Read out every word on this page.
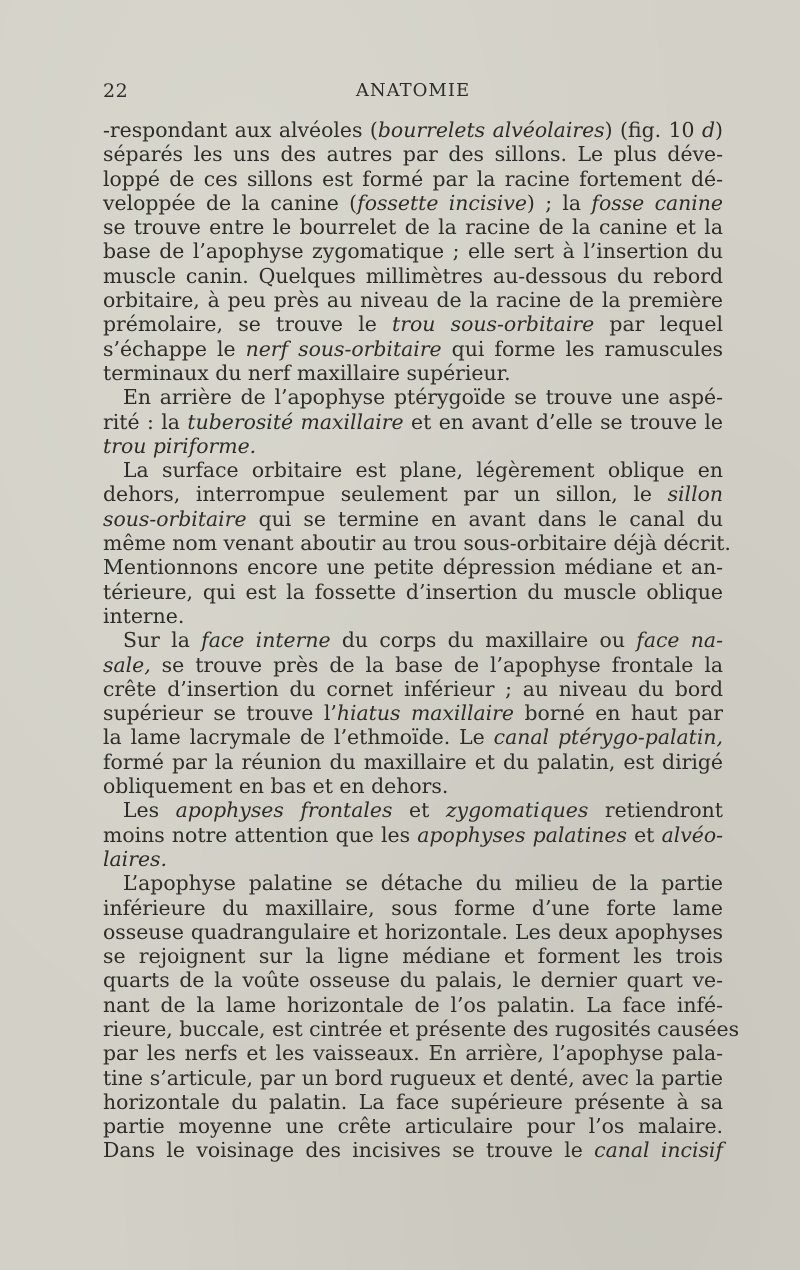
22	ANATOMIE
-respondant aux alvéoles (bourrelets alvéolaires) (fig. 10 d)
séparés les uns des autres par des sillons. Le plus déve-
loppé de ces sillons est formé par la racine fortement dé-
veloppée de la canine (fossette incisive) ; la fosse canine
se trouve entre le bourrelet de la racine de la canine et la
base de l’apophyse zygomatique ; elle sert à l’insertion du
muscle canin. Quelques millimètres au-dessous du rebord
orbitaire, à peu près au niveau de la racine de la première
prémolaire, se trouve le trou sous-orbitaire par lequel
s’échappe le nerf sous-orbitaire qui forme les ramuscules
terminaux du nerf maxillaire supérieur.
En arrière de l’apophyse ptérygoïde se trouve une aspé-
rité : la tuberosité maxillaire et en avant d’elle se trouve le
trou piriforme.
La surface orbitaire est plane, légèrement oblique en
dehors, interrompue seulement par un sillon, le sillon
sous-orbitaire qui se termine en avant dans le canal du
même nom venant aboutir au trou sous-orbitaire déjà décrit.
Mentionnons encore une petite dépression médiane et an-
térieure, qui est la fossette d’insertion du muscle oblique
interne.
Sur la face interne du corps du maxillaire ou face na-
sale, se trouve près de la base de l’apophyse frontale la
crête d’insertion du cornet inférieur ; au niveau du bord
supérieur se trouve l’hiatus maxillaire borné en haut par
la lame lacrymale de l’ethmoïde. Le canal ptérygo-palatin,
formé par la réunion du maxillaire et du palatin, est dirigé
obliquement en bas et en dehors.
Les apophyses frontales et zygomatiques retiendront
moins notre attention que les apophyses palatines et alvéo-
laires.
L’apophyse palatine se détache du milieu de la partie
inférieure du maxillaire, sous forme d’une forte lame
osseuse quadrangulaire et horizontale. Les deux apophyses
se rejoignent sur la ligne médiane et forment les trois
quarts de la voûte osseuse du palais, le dernier quart ve-
nant de la lame horizontale de l’os palatin. La face infé-
rieure, buccale, est cintrée et présente des rugosités causées
par les nerfs et les vaisseaux. En arrière, l’apophyse pala-
tine s’articule, par un bord rugueux et denté, avec la partie
horizontale du palatin. La face supérieure présente à sa
partie moyenne une crête articulaire pour l’os malaire.
Dans le voisinage des incisives se trouve le canal incisif
